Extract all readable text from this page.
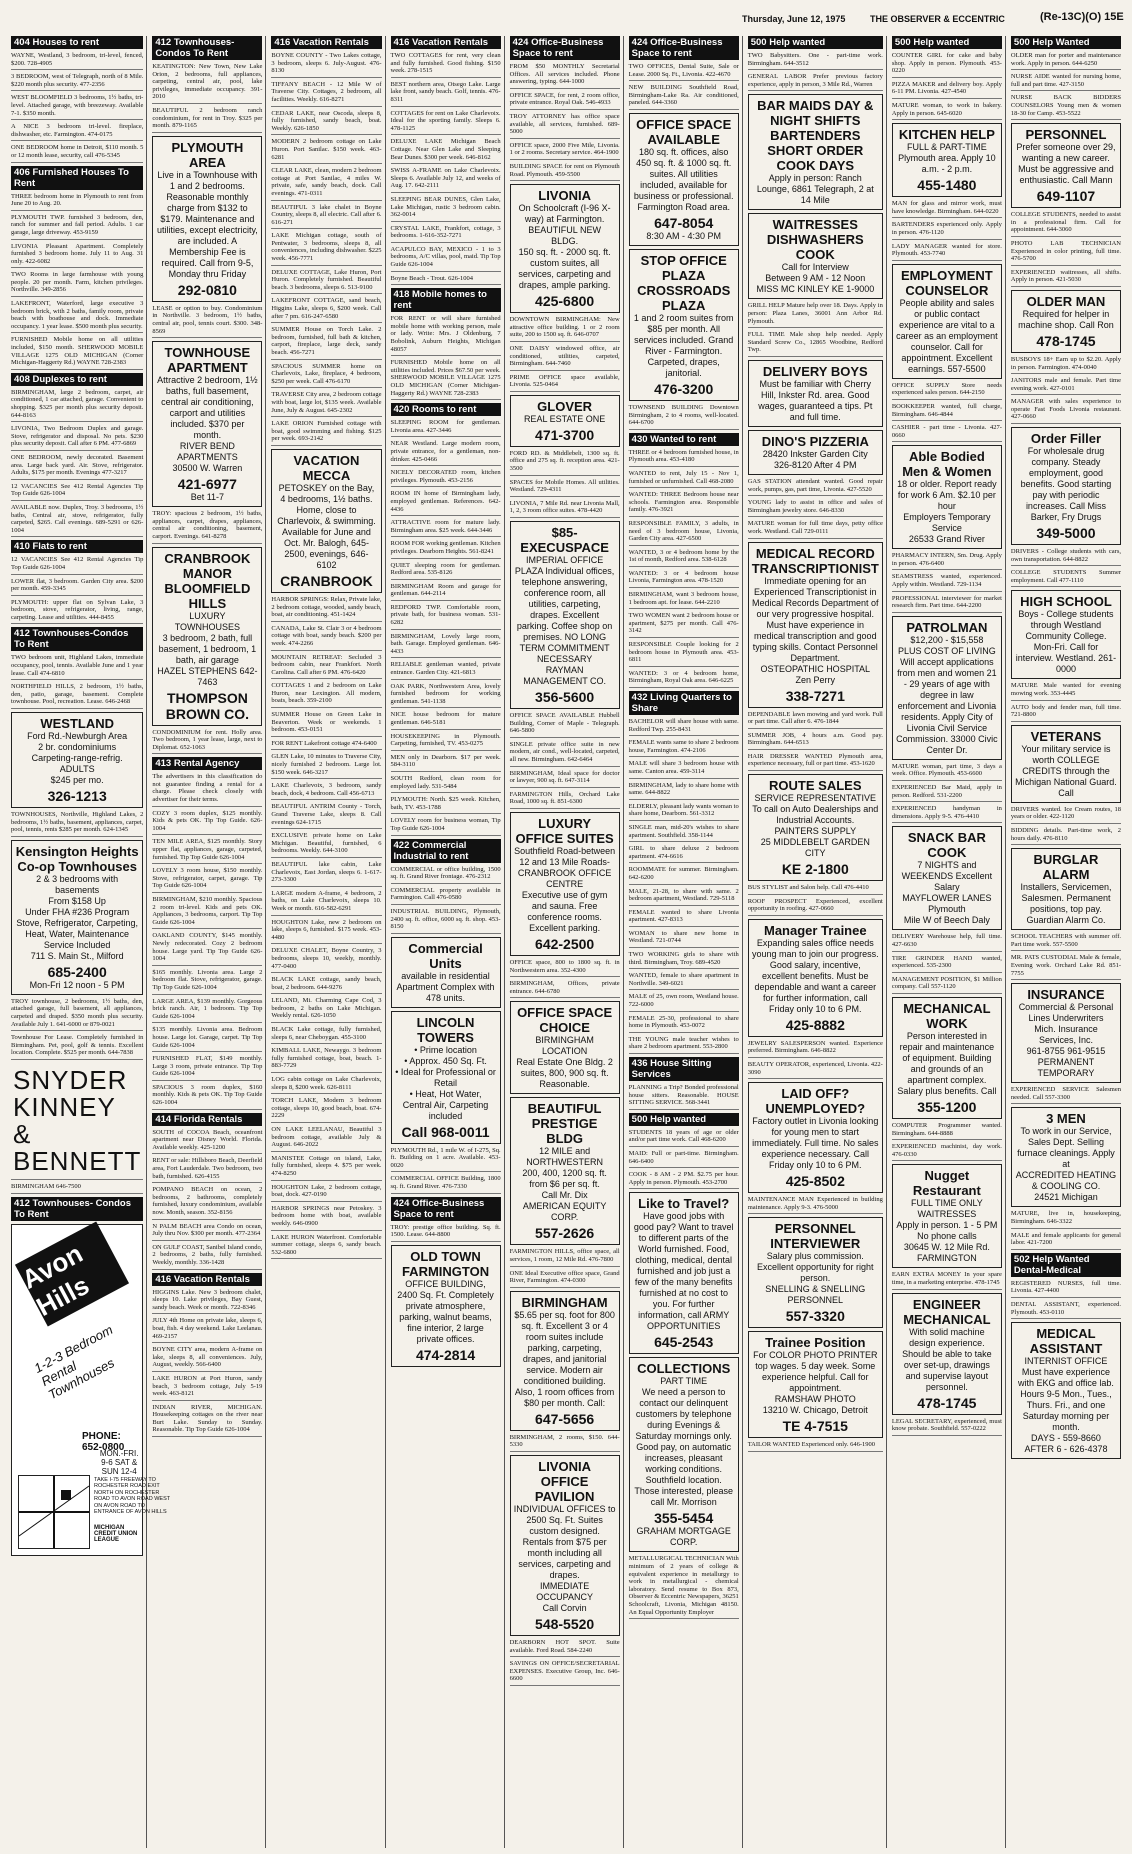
Thursday, June 12, 1975	THE OBSERVER & ECCENTRIC	(Re-13C)(O) 15E
404 Houses to rent
WAYNE, Westland, 3 bedroom, tri-level, fenced, $200. 728-4905
3 BEDROOM, west of Telegraph, north of 8 Mile. $220 month plus security. 477-2356
WEST BLOOMFIELD 3 bedrooms, 1½ baths, tri-level. Attached garage, with breezeway. Available 7-1. $350 month.
A NICE 3 bedroom tri-level. fireplace, dishwasher, etc. Farmington. 474-0175
ONE BEDROOM home in Detroit, $110 month. 5 or 12 month lease, security, call 476-5345
406 Furnished Houses To Rent
THREE bedroom home in Plymouth to rent from June 20 to Aug. 20.
PLYMOUTH TWP. furnished 3 bedroom, den, ranch for summer and fall period. Adults. 1 car garage, large driveway. 453-9159
LIVONIA Pleasant Apartment. Completely furnished 3 bedroom home. July 11 to Aug. 31 only. 422-6082
TWO Rooms in large farmhouse with young people. 20 per month. Farm, kitchen privileges. Northville. 349-2856
LAKEFRONT, Waterford, large executive 3 bedroom brick, with 2 baths, family room, private beach with boathouse and dock. Immediate occupancy. 1 year lease. $500 month plus security.
FURNISHED Mobile home on all utilities included, $150 month. SHERWOOD MOBILE VILLAGE 1275 OLD MICHIGAN (Corner Michigan-Haggerty Rd.) WAYNE 728-2383
408 Duplexes to rent
BIRMINGHAM, large 2 bedroom, carpet, air conditioned, 1 car attached, garage. Convenient to shopping. $325 per month plus security deposit. 644-8163
LIVONIA, Two Bedroom Duplex and garage. Stove, refrigerator and disposal. No pets. $230 plus security deposit. Call after 6 PM. 477-6869
ONE BEDROOM, newly decorated. Basement area. Large back yard. Air. Stove, refrigerator. Adults, $175 per month. Evenings 477-3217
12 VACANCIES See 412 Rental Agencies Tip Top Guide 626-1004
AVAILABLE now. Duplex, Troy. 3 bedrooms, 1½ baths, Central air, stove, refrigerator, fully carpeted, $265. Call evenings. 689-5291 or 626-1004
410 Flats to rent
12 VACANCIES See 412 Rental Agencies Tip Top Guide 626-1004
LOWER flat, 3 bedroom. Garden City area. $200 per month. 459-3345
PLYMOUTH: upper flat on Sylvan Lake, 3 bedroom, stove, refrigerator, living, range, carpeting. Lease and utilities. 444-8455
412 Townhouses-Condos To Rent
TWO bedroom unit, Highland Lakes, immediate occupancy, pool, tennis. Available June and 1 year lease. Call 474-6810
NORTHFIELD HILLS, 2 bedroom, 1½ baths, den, patio, garage, basement. Complete townhouse. Pool, recreation. Lease. 646-2468
WESTLAND
Ford Rd.-Newburgh Area
2 br. condominiums
Carpeting-range-refrig.
ADULTS
$245 per mo.
326-1213
TOWNHOUSES, Northville, Highland Lakes, 2 bedrooms, 1½ baths, basement, appliances, carpet, pool, tennis, rents $285 per month. 624-1345
Kensington Heights Co-op Townhouses
2 & 3 bedrooms with basements
From $158 Up
Under FHA #236 Program
Stove, Refrigerator, Carpeting, Heat, Water, Maintenance Service Included
711 S. Main St., Milford
685-2400
Mon-Fri 12 noon - 5 PM
TROY townhouse, 2 bedrooms, 1½ baths, den, attached garage, full basement, all appliances, carpeted and draped. $350 month plus security. Available July 1. 641-6000 or 879-0021
Townhouse For Lease. Completely furnished in Birmingham. Pet, pool, golf & tennis. Excellent location. Complete. $525 per month. 644-7838
SNYDER KINNEY & BENNETT
BIRMINGHAM 646-7500
412 Townhouses- Condos To Rent
Avon Hills
1-2-3 Bedroom Rental Townhouses
PHONE: 652-0800
MON.-FRI. 9-6 SAT & SUN 12-4
TAKE I-75 FREEWAY TO ROCHESTER ROAD EXIT NORTH ON ROCHESTER ROAD TO AVON ROAD WEST ON AVON ROAD TO ENTRANCE OF AVON HILLS
MICHIGAN CREDIT UNION LEAGUE
412 Townhouses-Condos To Rent
KEATINGTON: New Town, New Lake Orion, 2 bedrooms, full appliances, carpeting, central air, pool, lake privileges, immediate occupancy. 391-2010
BEAUTIFUL 2 bedroom ranch condominium, for rent in Troy. $325 per month. 879-1165
PLYMOUTH AREA
Live in a Townhouse with 1 and 2 bedrooms. Reasonable monthly charge from $132 to $179. Maintenance and utilities, except electricity, are included. A Membership Fee is required. Call from 9-5, Monday thru Friday
292-0810
LEASE or option to buy. Condominium in Northville. 3 bedroom, 1½ baths, central air, pool, tennis court. $300. 348-8569
TOWNHOUSE APARTMENT
Attractive 2 bedroom, 1½ baths, full basement, central air conditioning, carport and utilities included. $370 per month.
RIVER BEND APARTMENTS
30500 W. Warren
421-6977
Bet 11-7
TROY: spacious 2 bedroom, 1½ baths, appliances, carpet, drapes, appliances, central air conditioning, basement, carport. Evenings. 641-8278
CRANBROOK MANOR BLOOMFIELD HILLS
LUXURY TOWNHOUSES
3 bedroom, 2 bath, full basement, 1 bedroom, 1 bath, air garage
HAZEL STEPHENS 642-7463
THOMPSON BROWN CO.
CONDOMINIUM for rent. Holly area. Two bedroom, 1 year lease, large, next to Diplomat. 652-1063
413 Rental Agency
The advertisers in this classification do not guarantee finding a rental for a charge. Please check closely with advertiser for their terms.
COZY 3 room duplex, $125 monthly. Kids & pets OK. Tip Top Guide. 626-1004
TEN MILE AREA, $125 monthly. Story upper flat, appliances, garage, carpeted, furnished. Tip Top Guide 626-1004
LOVELY 3 room house, $150 monthly. Stove, refrigerator, carpet, garage. Tip Top Guide 626-1004
BIRMINGHAM, $210 monthly. Spacious 2 room tri-level. Kids and pets OK. Appliances, 3 bedrooms, carport. Tip Top Guide 626-1004
OAKLAND COUNTY, $145 monthly. Newly redecorated. Cozy 2 bedroom house. Large yard. Tip Top Guide 626-1004
$165 monthly. Livonia area. Large 2 bedroom flat. Stove, refrigerator, garage. Tip Top Guide 626-1004
LARGE AREA, $139 monthly. Gorgeous brick ranch. Air, 1 bedroom. Tip Top Guide 626-1004
$135 monthly. Livonia area. Bedroom house. Large lot. Garage, carpet. Tip Top Guide 626-1004
FURNISHED FLAT, $149 monthly. Large 3 room, private entrance. Tip Top Guide 626-1004
SPACIOUS 3 room duplex, $160 monthly. Kids & pets OK. Tip Top Guide 626-1004
414 Florida Rentals
SOUTH of COCOA Beach, oceanfront apartment near Disney World. Florida. Available weekly. 425-1200
RENT or sale: Hillsboro Beach, Deerfield area, Fort Lauderdale. Two bedroom, two bath, furnished. 626-4155
POMPANO BEACH on ocean, 2 bedrooms, 2 bathrooms, completely furnished, luxury condominium, available now. Month, season. 352-8156
N PALM BEACH area Condo on ocean, July thru Nov. $300 per month. 477-2364
ON GULF COAST, Sanibel Island condo, 2 bedrooms, 2 baths, fully furnished. Weekly, monthly. 336-1428
416 Vacation Rentals
HIGGINS Lake. New 3 bedroom chalet, sleeps 10. Lake privileges, Bay Guest, sandy beach. Week or month. 722-8346
JULY 4th Home on private lake, sleeps 6, boat, fish. 4 day weekend. Lake Leelanau. 469-2157
BOYNE CITY area, modern A-frame on lake, sleeps 8, all conveniences. July, August, weekly. 566-6400
LAKE HURON at Port Huron, sandy beach, 3 bedroom cottage, July 5-19 week. 463-8121
INDIAN RIVER, MICHIGAN. Housekeeping cottages on the river near Burt Lake. Sunday to Sunday. Reasonable. Tip Top Guide 626-1004
416 Vacation Rentals
BOYNE COUNTY - Two Lakes cottage, 3 bedroom, sleeps 6. July-August. 476-8130
TIFFANY BEACH - 12 Mile W of Traverse City. Cottages, 2 bedroom, all facilities. Weekly. 616-8271
CEDAR LAKE, near Oscoda, sleeps 8, fully furnished, sandy beach, boat. Weekly. 626-1850
MODERN 2 bedroom cottage on Lake Huron. Port Sanilac. $150 week. 463-6281
CLEAR LAKE, clean, modern 2 bedroom cottage at Port Sanilac, 4 miles W. private, safe, sandy beach, dock. Call evenings. 471-0311
BEAUTIFUL 3 lake chalet in Boyne Country, sleeps 8, all electric. Call after 6. 616-271
LAKE Michigan cottage, south of Pentwater, 3 bedrooms, sleeps 8, all conveniences, including dishwasher. $225 week. 456-7771
DELUXE COTTAGE, Lake Huron, Port Huron. Completely furnished. Beautiful beach. 3 bedrooms, sleeps 6. 513-9100
LAKEFRONT COTTAGE, sand beach, Higgins Lake, sleeps 6, $200 week. Call after 7 pm. 616-247-6580
SUMMER House on Torch Lake. 2 bedroom, furnished, full bath & kitchen, carport, fireplace, large deck, sandy beach. 456-7271
SPACIOUS SUMMER home on Charlevoix, Lake, fireplace, 4 bedroom, $250 per week. Call 476-6170
TRAVERSE City area, 2 bedroom cottage with boat, large lot, $135 week. Available June, July & August. 645-2302
LAKE ORION Furnished cottage with boat, good swimming and fishing. $125 per week. 693-2142
VACATION MECCA
PETOSKEY on the Bay, 4 bedrooms, 1½ baths. Home, close to Charlevoix, & swimming. Available for June and Oct. Mr. Balogh, 645-2500, evenings, 646-6102
CRANBROOK
HARBOR SPRINGS: Relax, Private lake, 2 bedroom cottage, wooded, sandy beach, boat, air conditioning. 451-1424
CANADA, Lake St. Clair 3 or 4 bedroom cottage with boat, sandy beach. $200 per week. 474-2266
MOUNTAIN RETREAT: Secluded 3 bedroom cabin, near Frankfort. North Carolina. Call after 6 PM. 476-6420
COTTAGES 1 and 2 bedroom on Lake Huron, near Lexington. All modern, boats, beach. 359-2100
SUMMER House on Green Lake in Beaverton. Week or weekends. 1 bedroom. 453-0151
FOR RENT Lakefront cottage 474-6400
GLEN Lake, 10 minutes to Traverse City, nicely furnished 2 bedroom. Large lot. $150 week. 646-3217
LAKE Charlevoix, 3 bedroom, sandy beach, dock, 4 bedroom. Call 456-6713
BEAUTIFUL ANTRIM County - Torch, Grand Traverse Lake, sleeps 8. Call evenings 624-1715
EXCLUSIVE private home on Lake Michigan. Beautiful, furnished, 6 bedrooms. Weekly. 644-3100
BEAUTIFUL lake cabin, Lake Charlevoix, East Jordan, sleeps 6. 1-617-273-3300
LARGE modern A-frame, 4 bedroom, 2 baths, on Lake Charlevoix, sleeps 10. Week or month. 616-582-6291
HOUGHTON Lake, new 2 bedroom on lake, sleeps 6, furnished. $175 week. 453-4480
DELUXE CHALET, Boyne Country, 3 bedrooms, sleeps 10, weekly, monthly. 477-0400
BLACK LAKE cottage, sandy beach, boat, 2 bedroom. 644-9276
LELAND, Mi. Charming Cape Cod, 3 bedroom, 2 baths on Lake Michigan. Weekly rental. 626-1050
BLACK Lake cottage, fully furnished, sleeps 6, near Cheboygan. 455-3100
KIMBALL LAKE, Newaygo. 3 bedroom fully furnished cottage, boat, beach. 1-883-7729
LOG cabin cottage on Lake Charlevoix, sleeps 8, $200 week. 626-8111
TORCH LAKE, Modern 3 bedroom cottage, sleeps 10, good beach, boat. 674-2229
ON LAKE LEELANAU, Beautiful 3 bedroom cottage, available July & August. 646-2022
MANISTEE Cottage on island, Lake, fully furnished, sleeps 4. $75 per week. 474-8250
HOUGHTON Lake, 2 bedroom cottage, boat, dock. 427-0190
HARBOR SPRINGS near Petoskey. 3 bedroom home with boat, available weekly. 646-0900
LAKE HURON Waterfront. Comfortable summer cottage, sleeps 6, sandy beach. 532-6800
416 Vacation Rentals
TWO COTTAGES for rent, very clean and fully furnished. Good fishing. $150 week. 278-1515
BEST northern area, Otsego Lake. Large lake front, sandy beach. Golf, tennis. 476-8311
COTTAGES for rent on Lake Charlevoix. Ideal for the sporting family. Sleeps 6. 478-1125
DELUXE LAKE Michigan Beach Cottage. Near Glen Lake and Sleeping Bear Dunes. $300 per week. 646-8162
SWISS A-FRAME on Lake Charlevoix. Sleeps 6. Available July 12, and weeks of Aug. 17. 642-2111
SLEEPING BEAR DUNES, Glen Lake, Lake Michigan, rustic 3 bedroom cabin. 362-0014
CRYSTAL LAKE, Frankfort, cottage, 3 bedrooms. 1-616-352-7271
ACAPULCO BAY, MEXICO - 1 to 3 bedrooms, A/C villas, pool, maid. Tip Top Guide 626-1004
Boyne Beach - Trout. 626-1004
418 Mobile homes to rent
FOR RENT or will share furnished mobile home with working person, male or lady. Write: Mrs. J Oldenburg, 7 Bobolink, Auburn Heights, Michigan 48057
FURNISHED Mobile home on all utilities included. Prices $67.50 per week. SHERWOOD MOBILE VILLAGE 1275 OLD MICHIGAN (Corner Michigan-Haggerty Rd.) WAYNE 728-2383
420 Rooms to rent
SLEEPING ROOM for gentleman. Livonia area. 427-3446
NEAR Westland. Large modern room, private entrance, for a gentleman, non-drinker. 425-0466
NICELY DECORATED room, kitchen privileges. Plymouth. 453-2156
ROOM IN home of Birmingham lady, employed gentleman. References. 642-4436
ATTRACTIVE room for mature lady. Birmingham area. $25 week. 644-3446
ROOM FOR working gentleman. Kitchen privileges. Dearborn Heights. 561-8241
QUIET sleeping room for gentleman. Redford area. 535-8126
BIRMINGHAM Room and garage for gentleman. 644-2114
REDFORD TWP. Comfortable room, private bath, for business woman. 531-6282
BIRMINGHAM, Lovely large room, bath. Garage. Employed gentleman. 646-4433
RELIABLE gentleman wanted, private entrance. Garden City. 421-6813
OAK PARK, Northwestern Area, lovely furnished bedroom for working gentleman. 541-1138
NICE house bedroom for mature gentleman. 646-5181
HOUSEKEEPING in Plymouth. Carpeting, furnished, TV. 453-0275
MEN only in Dearborn. $17 per week. 584-3110
SOUTH Redford, clean room for employed lady. 531-5484
PLYMOUTH: North. $25 week. Kitchen, bath, TV. 453-1788
LOVELY room for business woman, Tip Top Guide 626-1004
422 Commercial Industrial to rent
COMMERCIAL or office building, 1500 sq. ft. Grand River frontage. 476-2312
COMMERCIAL property available in Farmington. Call 476-0580
INDUSTRIAL BUILDING, Plymouth, 2400 sq. ft. office, 6000 sq. ft. shop. 453-8150
Commercial Units
available in residential Apartment Complex with 478 units.
LINCOLN TOWERS
• Prime location
• Approx. 450 Sq. Ft.
• Ideal for Professional or Retail
• Heat, Hot Water, Central Air, Carpeting included
Call 968-0011
PLYMOUTH Rd., 1 mile W. of I-275, Sq. ft. Building on 1 acre. Available. 453-0020
COMMERCIAL OFFICE Building, 1800 sq. ft. Grand River. 476-7330
424 Office-Business Space to rent
TROY: prestige office building. Sq. ft. 1500. Lease. 644-8800
OLD TOWN FARMINGTON
OFFICE BUILDING, 2400 Sq. Ft. Completely private atmosphere, parking, walnut beams, fine interior, 2 large private offices.
474-2814
424 Office-Business Space to rent
FROM $50 MONTHLY Secretarial Offices. All services included. Phone answering, typing. 644-1000
OFFICE SPACE, for rent, 2 room office, private entrance. Royal Oak. 546-4933
TROY ATTORNEY has office space available, all services, furnished. 689-5000
OFFICE space, 2000 Five Mile, Livonia. 1 or 2 rooms. Secretary service. 464-1900
BUILDING SPACE for rent on Plymouth Road. Plymouth. 459-5500
LIVONIA
On Schoolcraft (I-96 X-way) at Farmington.
BEAUTIFUL NEW BLDG.
150 sq. ft. - 2000 sq. ft. custom suites, all services, carpeting and drapes, ample parking.
425-6800
DOWNTOWN BIRMINGHAM: New attractive office building. 1 or 2 room suite, 200 to 1500 sq. ft. 646-0707
ONE DAISY windowed office, air conditioned, utilities, carpeted, Birmingham. 644-7460
PRIME OFFICE space available, Livonia. 525-0464
GLOVER
REAL ESTATE ONE
471-3700
FORD RD. & Middlebelt, 1300 sq. ft. office and 275 sq. ft. reception area. 421-3500
SPACES for Mobile Homes. All utilities. Westland. 729-4311
LIVONIA, 7 Mile Rd. near Livonia Mall, 1, 2, 3 room office suites. 478-4420
$85-EXECUSPACE
IMPERIAL OFFICE PLAZA Individual offices, telephone answering, conference room, all utilities, carpeting, drapes. Excellent parking. Coffee shop on premises. NO LONG TERM COMMITMENT NECESSARY
RAYMAN MANAGEMENT CO.
356-5600
OFFICE SPACE AVAILABLE Hubbell Building, Corner of Maple - Telegraph. 646-5800
SINGLE private office suite in new modern, air cond., well-located, carpeted, all new. Birmingham. 642-6464
BIRMINGHAM, Ideal space for doctor or lawyer, 900 sq. ft. 647-3114
FARMINGTON Hills, Orchard Lake Road, 1000 sq. ft. 851-6300
LUXURY OFFICE SUITES
Southfield Road-between 12 and 13 Mile Roads- CRANBROOK OFFICE CENTRE
Executive use of gym and sauna. Free conference rooms. Excellent parking.
642-2500
OFFICE space, 800 to 1800 sq. ft. in Northwestern area. 352-4300
BIRMINGHAM, Offices, private entrance. 644-6780
OFFICE SPACE CHOICE
BIRMINGHAM LOCATION
Real Estate One Bldg. 2 suites, 800, 900 sq. ft. Reasonable.
BEAUTIFUL PRESTIGE BLDG
12 MILE and NORTHWESTERN
200, 400, 1200 sq. ft. from $6 per sq. ft.
Call Mr. Dix
AMERICAN EQUITY CORP.
557-2626
FARMINGTON HILLS, office space, all services, 1 room, 12 Mile Rd. 476-7800
ONE Ideal Executive office space, Grand River, Farmington. 474-0300
BIRMINGHAM
$5.65 per sq. foot for 800 sq. ft. Excellent 3 or 4 room suites include parking, carpeting, drapes, and janitorial service. Modern air conditioned building. Also, 1 room offices from $80 per month. Call:
647-5656
BIRMINGHAM, 2 rooms, $150. 644-5330
LIVONIA OFFICE PAVILION
INDIVIDUAL OFFICES to 2500 Sq. Ft. Suites custom designed. Rentals from $75 per month including all services, carpeting and drapes.
IMMEDIATE OCCUPANCY
Call Corvin
548-5520
DEARBORN HOT SPOT. Suite available. Ford Road. 584-2240
SAVINGS ON OFFICE/SECRETARIAL EXPENSES. Executive Group, Inc. 646-6600
424 Office-Business Space to rent
TWO OFFICES, Dental Suite, Sale or Lease. 2000 Sq. Ft., Livonia. 422-4670
NEW BUILDING Southfield Road, Birmingham-Lake Ra. Air conditioned, paneled. 644-3360
OFFICE SPACE AVAILABLE
180 sq. ft. offices, also 450 sq. ft. & 1000 sq. ft. suites. All utilities included, available for business or professional. Farmington Road area.
647-8054
8:30 AM - 4:30 PM
STOP OFFICE PLAZA CROSSROADS PLAZA
1 and 2 room suites from $85 per month. All services included. Grand River - Farmington. Carpeted, drapes, janitorial.
476-3200
TOWNSEND BUILDING Downtown Birmingham, 2 to 4 rooms, well-located. 644-6700
430 Wanted to rent
THREE or 4 bedroom furnished house, in Plymouth area. 453-4180
WANTED to rent, July 15 - Nov 1, furnished or unfurnished. Call 468-2080
WANTED: THREE Bedroom house near schools. Farmington area. Responsible family. 476-3921
RESPONSIBLE FAMILY, 3 adults, in need of 3 bedroom house, Livonia, Garden City area. 427-6500
WANTED, 3 or 4 bedroom home by the 1st of month, Redford area. 538-6128
WANTED: 3 or 4 bedroom house Livonia, Farmington area. 478-1520
BIRMINGHAM, want 3 bedroom house, 1 bedroom apt. for lease. 644-2210
TWO WOMEN want 2 bedroom house or apartment, $275 per month. Call 476-3142
RESPONSIBLE Couple looking for 2 bedroom house in Plymouth area. 453-6811
WANTED: 3 or 4 bedroom home, Birmingham, Royal Oak area. 646-6225
432 Living Quarters to Share
BACHELOR will share house with same. Redford Twp. 255-8431
FEMALE wants same to share 2 bedroom house, Farmington. 474-2106
MALE will share 3 bedroom house with same. Canton area. 459-3114
BIRMINGHAM, lady to share home with same. 644-8822
ELDERLY, pleasant lady wants woman to share home, Dearborn. 561-3312
SINGLE man, mid-20's wishes to share apartment. Southfield. 358-1144
GIRL to share deluxe 2 bedroom apartment. 474-6616
ROOMMATE for summer. Birmingham. 642-6200
MALE, 21-28, to share with same. 2 bedroom apartment, Westland. 729-5118
FEMALE wanted to share Livonia apartment. 427-8313
WOMAN to share new home in Westland. 721-0744
TWO WORKING girls to share with third. Birmingham, Troy. 689-4520
WANTED, female to share apartment in Northville. 349-6021
MALE of 25, own room, Westland house. 722-6000
FEMALE 25-30, professional to share home in Plymouth. 453-0072
THE YOUNG male teacher wishes to share 2 bedroom apartment. 553-2800
436 House Sitting Services
PLANNING a Trip? Bonded professional house sitters. Reasonable. HOUSE SITTING SERVICE. 568-3441
500 Help wanted
STUDENTS 18 years of age or older and/or part time work. Call 468-6200
MAID: Full or part-time. Birmingham. 646-6400
COOK - 8 AM - 2 PM. $2.75 per hour. Apply in person. Plymouth. 453-2700
Like to Travel?
Have good jobs with good pay? Want to travel to different parts of the World furnished. Food, clothing, medical, dental furnished and job just a few of the many benefits furnished at no cost to you. For further information, call ARMY OPPORTUNITIES
645-2543
COLLECTIONS
PART TIME
We need a person to contact our delinquent customers by telephone during Evenings & Saturday mornings only. Good pay, on automatic increases, pleasant working conditions. Southfield location. Those interested, please call Mr. Morrison
355-5454
GRAHAM MORTGAGE CORP.
METALLURGICAL TECHNICIAN With minimum of 2 years of college & equivalent experience in metallurgy to work in metallurgical - chemical laboratory. Send resume to Box 873, Observer & Eccentric Newspapers, 36251 Schoolcraft, Livonia, Michigan 48150. An Equal Opportunity Employer
500 Help wanted
TWO Babysitters. One - part-time work. Birmingham. 644-3512
GENERAL LABOR Prefer previous factory experience, apply in person, 3 Mile Rd., Warren
BAR MAIDS DAY & NIGHT SHIFTS BARTENDERS SHORT ORDER COOK DAYS
Apply in person: Ranch Lounge, 6861 Telegraph, 2 at 14 Mile
WAITRESSES DISHWASHERS COOK
Call for Interview
Between 9 AM - 12 Noon
MISS MC KINLEY KE 1-9000
GRILL HELP Mature help over 18. Days. Apply in person: Plaza Lanes, 36001 Ann Arbor Rd. Plymouth.
FULL TIME Male shop help needed. Apply Standard Screw Co., 12865 Woodbine, Redford Twp.
DELIVERY BOYS
Must be familiar with Cherry Hill, Inkster Rd. area. Good wages, guaranteed a tips. Pt and full time.
DINO'S PIZZERIA
28420 Inkster Garden City
326-8120 After 4 PM
GAS STATION attendant wanted. Good repair work, pumps, gas, part time, Livonia. 427-5520
YOUNG lady to assist in office and sales of Birmingham jewelry store. 646-8330
MATURE woman for full time days, petty office work. Westland. Call 729-0111
MEDICAL RECORD TRANSCRIPTIONIST
Immediate opening for an Experienced Transcriptionist in Medical Records Department of our very progressive hospital. Must have experience in medical transcription and good typing skills. Contact Personnel Department.
OSTEOPATHIC HOSPITAL
Zen Perry
338-7271
DEPENDABLE lawn mowing and yard work. Full or part time. Call after 6. 476-1844
SUMMER JOB, 4 hours a.m. Good pay. Birmingham. 644-6513
HAIR DRESSER WANTED Plymouth area, experience necessary, full or part time. 453-1620
ROUTE SALES
SERVICE REPRESENTATIVE
To call on Auto Dealerships and Industrial Accounts.
PAINTERS SUPPLY
25 MIDDLEBELT GARDEN CITY
KE 2-1800
BUS STYLIST and Salon help. Call 476-4410
ROOF PROSPECT Experienced, excellent opportunity in roofing. 427-0660
Manager Trainee
Expanding sales office needs young man to join our progress. Good salary, incentive, excellent benefits. Must be dependable and want a career for further information, call Friday only 10 to 6 PM.
425-8882
JEWELRY SALESPERSON wanted. Experience preferred. Birmingham. 646-8822
BEAUTY OPERATOR, experienced, Livonia. 422-3090
LAID OFF? UNEMPLOYED?
Factory outlet in Livonia looking for young men to start immediately. Full time. No sales experience necessary. Call Friday only 10 to 6 PM.
425-8502
MAINTENANCE MAN Experienced in building maintenance. Apply 9-3. 476-5000
PERSONNEL INTERVIEWER
Salary plus commission. Excellent opportunity for right person.
SNELLING & SNELLING PERSONNEL
557-3320
Trainee Position
For COLOR PHOTO PRINTER top wages. 5 day week. Some experience helpful. Call for appointment.
RAMSHAW PHOTO
13210 W. Chicago, Detroit
TE 4-7515
TAILOR WANTED Experienced only. 646-1900
500 Help wanted
COUNTER GIRL for cake and baby shop. Apply in person. Plymouth. 453-0220
PIZZA MAKER and delivery boy. Apply 6-11 PM. Livonia. 427-4540
MATURE woman, to work in bakery. Apply in person. 645-6020
KITCHEN HELP
FULL & PART-TIME
Plymouth area. Apply 10 a.m. - 2 p.m.
455-1480
MAN for glass and mirror work, must have knowledge. Birmingham. 644-0220
BARTENDERS experienced only. Apply in person. 476-1120
LADY MANAGER wanted for store. Plymouth. 453-7740
EMPLOYMENT COUNSELOR
People ability and sales or public contact experience are vital to a career as an employment counselor. Call for appointment. Excellent earnings. 557-5500
OFFICE SUPPLY Store needs experienced sales person. 644-2150
BOOKKEEPER wanted, full charge, Birmingham. 646-4844
CASHIER - part time - Livonia. 427-0660
Able Bodied Men & Women
18 or older. Report ready for work 6 Am. $2.10 per hour
Employers Temporary Service
26533 Grand River
PHARMACY INTERN, Sm. Drug. Apply in person. 476-6400
SEAMSTRESS wanted, experienced. Apply within. Westland. 729-1134
PROFESSIONAL interviewer for market research firm. Part time. 644-2200
PATROLMAN
$12,200 - $15,558
PLUS COST OF LIVING
Will accept applications from men and women 21 - 29 years of age with degree in law enforcement and Livonia residents. Apply City of Livonia Civil Service Commission. 33000 Civic Center Dr.
MATURE woman, part time, 3 days a week. Office. Plymouth. 453-6600
EXPERIENCED Bar Maid, apply in person. Redford. 531-2200
EXPERIENCED handyman in dimensions. Apply 9-5. 476-4410
SNACK BAR COOK
7 NIGHTS and WEEKENDS Excellent Salary
MAYFLOWER LANES
Plymouth
Mile W of Beech Daly
DELIVERY Warehouse help, full time. 427-6630
TIRE GRINDER HAND wanted, experienced. 535-2300
MANAGEMENT POSITION, $1 Million company. Call 557-1120
MECHANICAL WORK
Person interested in repair and maintenance of equipment. Building and grounds of an apartment complex. Salary plus benefits. Call
355-1200
COMPUTER Programmer wanted. Birmingham. 644-8888
EXPERIENCED machinist, day work. 476-0330
Nugget Restaurant
FULL TIME ONLY
WAITRESSES
Apply in person. 1 - 5 PM
No phone calls
30645 W. 12 Mile Rd.
FARMINGTON
EARN EXTRA MONEY In your spare time, in a marketing enterprise. 478-1745
ENGINEER MECHANICAL
With solid machine design experience. Should be able to take over set-up, drawings and supervise layout personnel.
478-1745
LEGAL SECRETARY, experienced, must know probate. Southfield. 557-0222
500 Help Wanted
OLDER man for porter and maintenance work. Apply in person. 644-6250
NURSE AIDE wanted for nursing home, full and part time. 427-3150
NURSE BACK BIDDERS COUNSELORS Young men & women 18-30 for Camp. 453-5522
PERSONNEL
Prefer someone over 29, wanting a new career. Must be aggressive and enthusiastic. Call Mann
649-1107
COLLEGE STUDENTS, needed to assist in a professional firm. Call for appointment. 644-3060
PHOTO LAB TECHNICIAN Experienced in color printing, full time. 476-5700
EXPERIENCED waitresses, all shifts. Apply in person. 421-5030
OLDER MAN
Required for helper in machine shop. Call Ron
478-1745
BUSBOYS 18+ Earn up to $2.20. Apply in person. Farmington. 474-0040
JANITORS male and female. Part time evening work. 427-0101
MANAGER with sales experience to operate Fast Foods Livonia restaurant. 427-0660
Order Filler
For wholesale drug company. Steady employment, good benefits. Good starting pay with periodic increases. Call Miss Barker, Fry Drugs
349-5000
DRIVERS - College students with cars, own transportation. 644-8822
COLLEGE STUDENTS Summer employment. Call 477-1110
HIGH SCHOOL
Boys - College students through Westland Community College. Mon-Fri. Call for interview. Westland. 261-0000
MATURE Male wanted for evening mowing work. 353-4445
AUTO body and fender man, full time. 721-8800
VETERANS
Your military service is worth COLLEGE CREDITS through the Michigan National Guard. Call
DRIVERS wanted. Ice Cream routes, 18 years or older. 422-1120
BIDDING details. Part-time work, 2 hours daily. 476-8110
BURGLAR ALARM
Installers, Servicemen, Salesmen. Permanent positions, top pay. Guardian Alarm Co.
SCHOOL TEACHERS with summer off. Part time work. 557-5500
MR. PATS CUSTODIAL Male & female, Evening work. Orchard Lake Rd. 851-7755
INSURANCE
Commercial & Personal Lines Underwriters
Mich. Insurance Services, Inc.
961-8755 961-9515
PERMANENT TEMPORARY
EXPERIENCED SERVICE Salesmen needed. Call 557-3300
3 MEN
To work in our Service, Sales Dept. Selling furnace cleanings. Apply at
ACCREDITED HEATING & COOLING CO.
24521 Michigan
MATURE, live in, housekeeping, Birmingham. 646-3322
MALE and female applicants for general labor. 421-7200
502 Help Wanted Dental-Medical
REGISTERED NURSES, full time. Livonia. 427-4400
DENTAL ASSISTANT, experienced. Plymouth. 453-0110
MEDICAL ASSISTANT
INTERNIST OFFICE
Must have experience with EKG and office lab. Hours 9-5 Mon., Tues., Thurs. Fri., and one Saturday morning per month.
DAYS - 559-8660
AFTER 6 - 626-4378
